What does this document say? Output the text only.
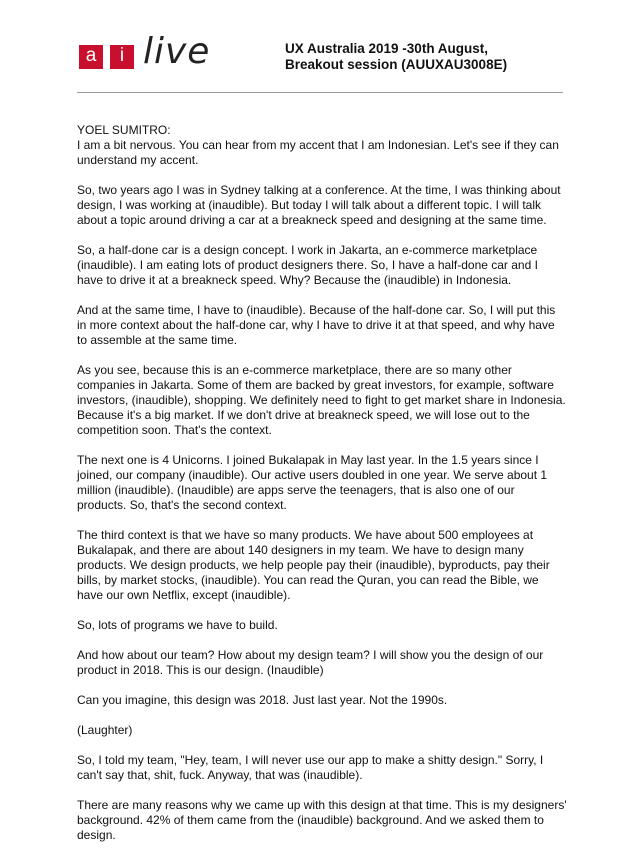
a	i live	UX Australia 2019 -30th August,
Breakout session (AUUXAU3008E)

YOEL SUMITRO:

I am a bit nervous. You can hear from my accent that I am Indonesian. Let's see if they can understand my accent.

So, two years ago I was in Sydney talking at a conference. At the time, I was thinking about design, I was working at (inaudible). But today I will talk about a different topic. I will talk about a topic around driving a car at a breakneck speed and designing at the same time.

So, a half-done car is a design concept. I work in Jakarta, an e-commerce marketplace (inaudible). I am eating lots of product designers there. So, I have a half-done car and I have to drive it at a breakneck speed. Why? Because the (inaudible) in Indonesia.

And at the same time, I have to (inaudible). Because of the half-done car. So, I will put this in more context about the half-done car, why I have to drive it at that speed, and why have to assemble at the same time.

As you see, because this is an e-commerce marketplace, there are so many other companies in Jakarta. Some of them are backed by great investors, for example, software investors, (inaudible), shopping. We definitely need to fight to get market share in Indonesia. Because it's a big market. If we don't drive at breakneck speed, we will lose out to the competition soon. That's the context.

The next one is 4 Unicorns. I joined Bukalapak in May last year. In the 1.5 years since I joined, our company (inaudible). Our active users doubled in one year. We serve about 1 million (inaudible). (Inaudible) are apps serve the teenagers, that is also one of our products. So, that's the second context.

The third context is that we have so many products. We have about 500 employees at Bukalapak, and there are about 140 designers in my team. We have to design many products. We design products, we help people pay their (inaudible), byproducts, pay their bills, by market stocks, (inaudible). You can read the Quran, you can read the Bible, we have our own Netflix, except (inaudible).

So, lots of programs we have to build.

And how about our team? How about my design team? I will show you the design of our product in 2018. This is our design. (Inaudible)

Can you imagine, this design was 2018. Just last year. Not the 1990s.

(Laughter)

So, I told my team, "Hey, team, I will never use our app to make a shitty design." Sorry, I can't say that, shit, fuck. Anyway, that was (inaudible).

There are many reasons why we came up with this design at that time. This is my designers' background. 42% of them came from the (inaudible) background. And we asked them to design.
